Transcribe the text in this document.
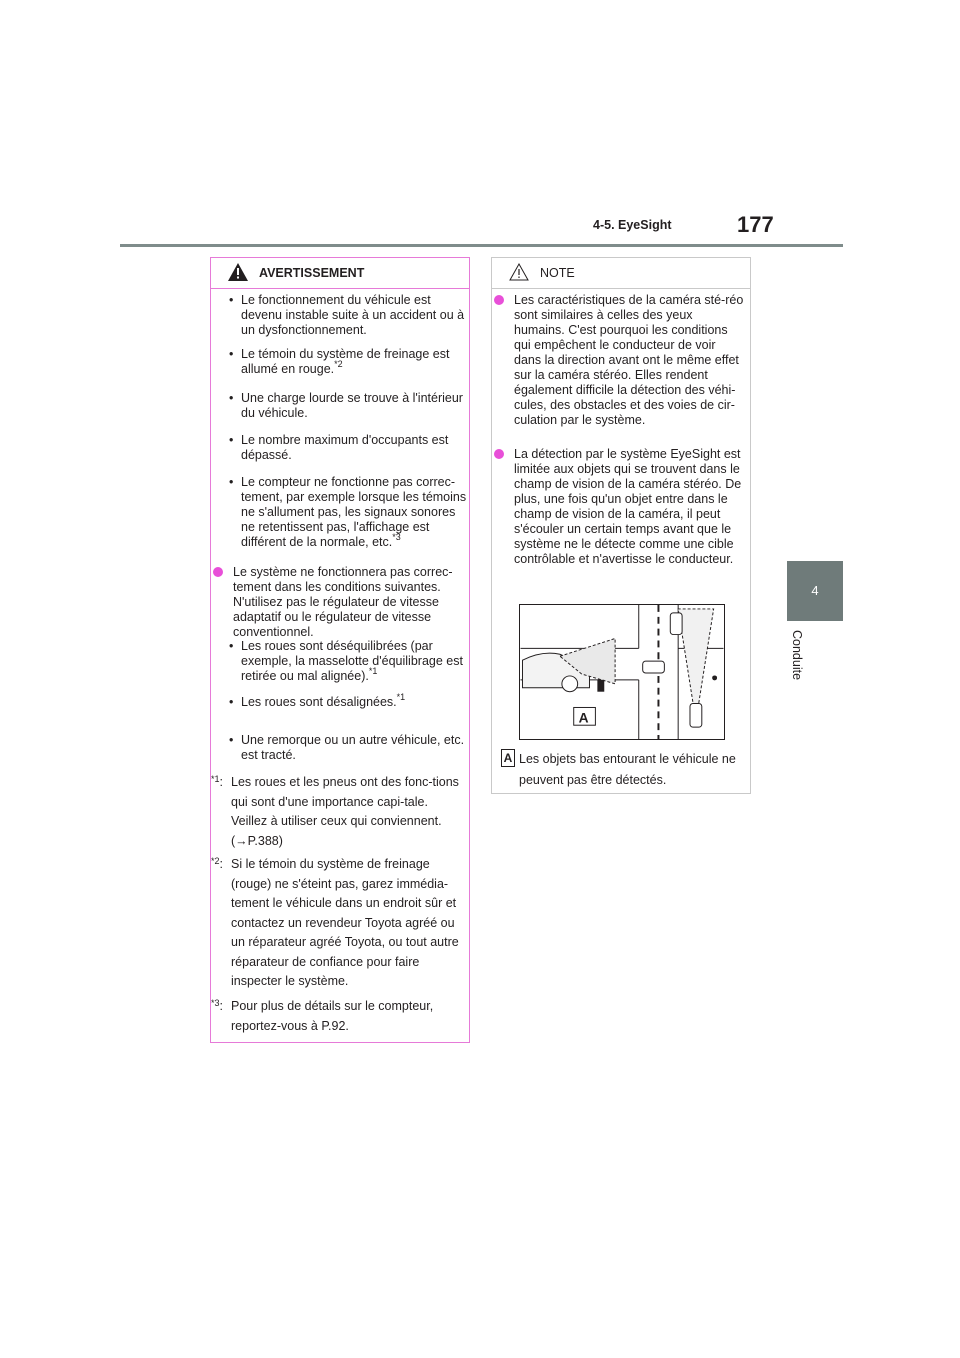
4-5. EyeSight	177
4
Conduite
AVERTISSEMENT
• Le fonctionnement du véhicule est devenu instable suite à un accident ou à un dysfonctionnement.
• Le témoin du système de freinage est allumé en rouge.$^{*2}$
• Une charge lourde se trouve à l'intérieur du véhicule.
• Le nombre maximum d'occupants est dépassé.
• Le compteur ne fonctionne pas correc-tement, par exemple lorsque les témoins ne s'allument pas, les signaux sonores ne retentissent pas, l'affichage est différent de la normale, etc.$^{*3}$
Le système ne fonctionnera pas correc-tement dans les conditions suivantes. N'utilisez pas le régulateur de vitesse adaptatif ou le régulateur de vitesse conventionnel.
• Les roues sont déséquilibrées (par exemple, la masselotte d'équilibrage est retirée ou mal alignée).$^{*1}$
• Les roues sont désalignées.$^{*1}$
• Une remorque ou un autre véhicule, etc. est tracté.
$^{*1}$: Les roues et les pneus ont des fonc-tions qui sont d'une importance capi-tale. Veillez à utiliser ceux qui conviennent. (→P.388)
$^{*2}$: Si le témoin du système de freinage (rouge) ne s'éteint pas, garez immédia-tement le véhicule dans un endroit sûr et contactez un revendeur Toyota agréé ou un réparateur agréé Toyota, ou tout autre réparateur de confiance pour faire inspecter le système.
$^{*3}$: Pour plus de détails sur le compteur, reportez-vous à P.92.
NOTE
Les caractéristiques de la caméra sté-réo sont similaires à celles des yeux humains. C'est pourquoi les conditions qui empêchent le conducteur de voir dans la direction avant ont le même effet sur la caméra stéréo. Elles rendent également difficile la détection des véhi-cules, des obstacles et des voies de cir-culation par le système.
La détection par le système EyeSight est limitée aux objets qui se trouvent dans le champ de vision de la caméra stéréo. De plus, une fois qu'un objet entre dans le champ de vision de la caméra, il peut s'écouler un certain temps avant que le système ne le détecte comme une cible contrôlable et n'avertisse le conducteur.
A
A Les objets bas entourant le véhicule ne peuvent pas être détectés.
